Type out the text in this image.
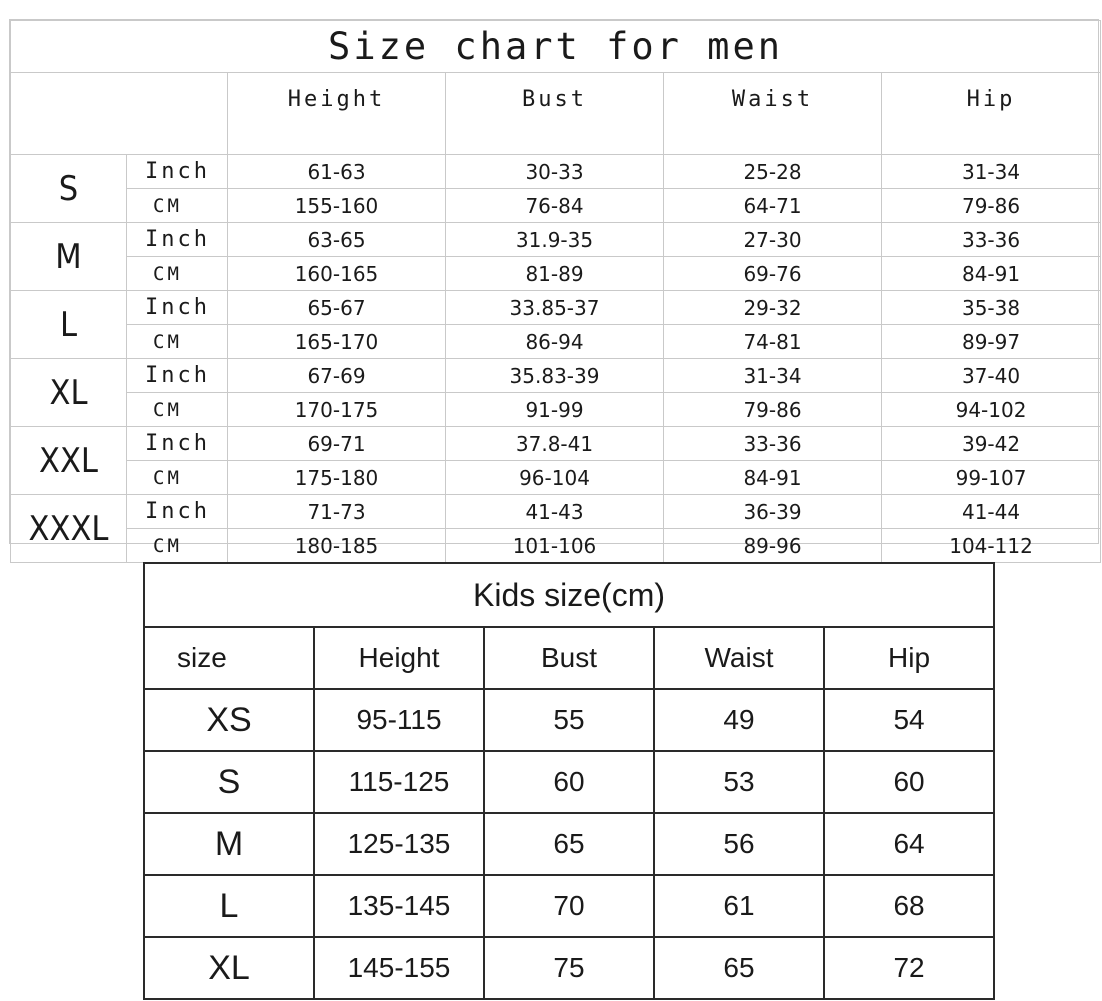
Size chart for men					
		Height	Bust	Waist	Hip
S	Inch	61-63	30-33	25-28	31-34
	CM	155-160	76-84	64-71	79-86
M	Inch	63-65	31.9-35	27-30	33-36
	CM	160-165	81-89	69-76	84-91
L	Inch	65-67	33.85-37	29-32	35-38
	CM	165-170	86-94	74-81	89-97
XL	Inch	67-69	35.83-39	31-34	37-40
	CM	170-175	91-99	79-86	94-102
XXL	Inch	69-71	37.8-41	33-36	39-42
	CM	175-180	96-104	84-91	99-107
XXXL	Inch	71-73	41-43	36-39	41-44
	CM	180-185	101-106	89-96	104-112
Kids size(cm)				
size	Height	Bust	Waist	Hip
XS	95-115	55	49	54
S	115-125	60	53	60
M	125-135	65	56	64
L	135-145	70	61	68
XL	145-155	75	65	72
